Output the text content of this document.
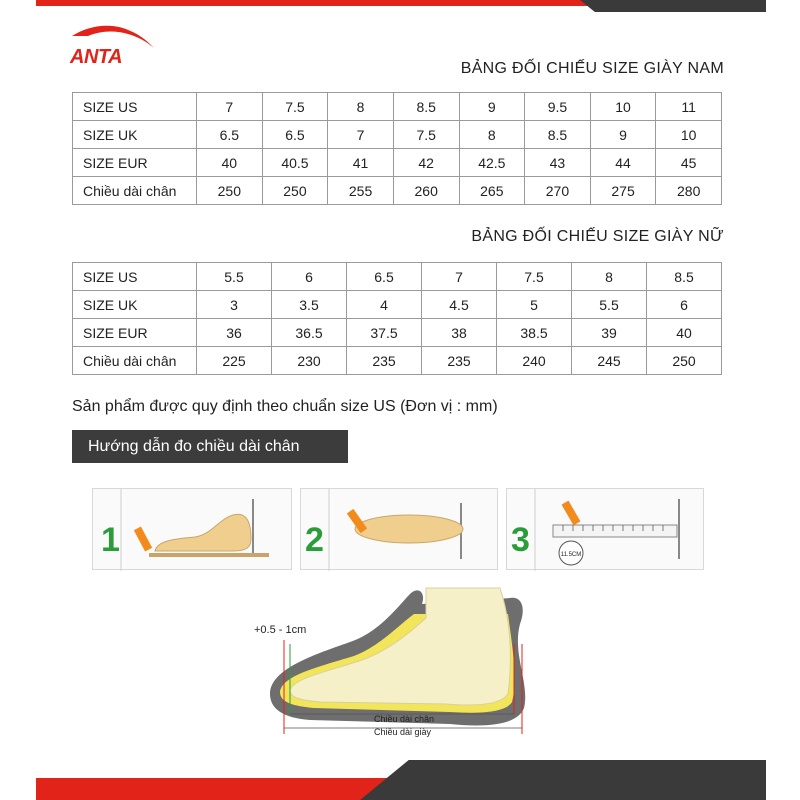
ANTA
BẢNG ĐỐI CHIẾU SIZE GIÀY NAM
SIZE US	7	7.5	8	8.5	9	9.5	10	11
SIZE UK	6.5	6.5	7	7.5	8	8.5	9	10
SIZE EUR	40	40.5	41	42	42.5	43	44	45
Chiều dài chân	250	250	255	260	265	270	275	280
BẢNG ĐỐI CHIẾU SIZE GIÀY NỮ
SIZE US	5.5	6	6.5	7	7.5	8	8.5
SIZE UK	3	3.5	4	4.5	5	5.5	6
SIZE EUR	36	36.5	37.5	38	38.5	39	40
Chiều dài chân	225	230	235	235	240	245	250
Sản phẩm được quy định theo chuẩn size US (Đơn vị : mm)
Hướng dẫn đo chiều dài chân
1	2	3	11.5CM
+0.5 - 1cm
Chiều dài chân
Chiều dài giày
